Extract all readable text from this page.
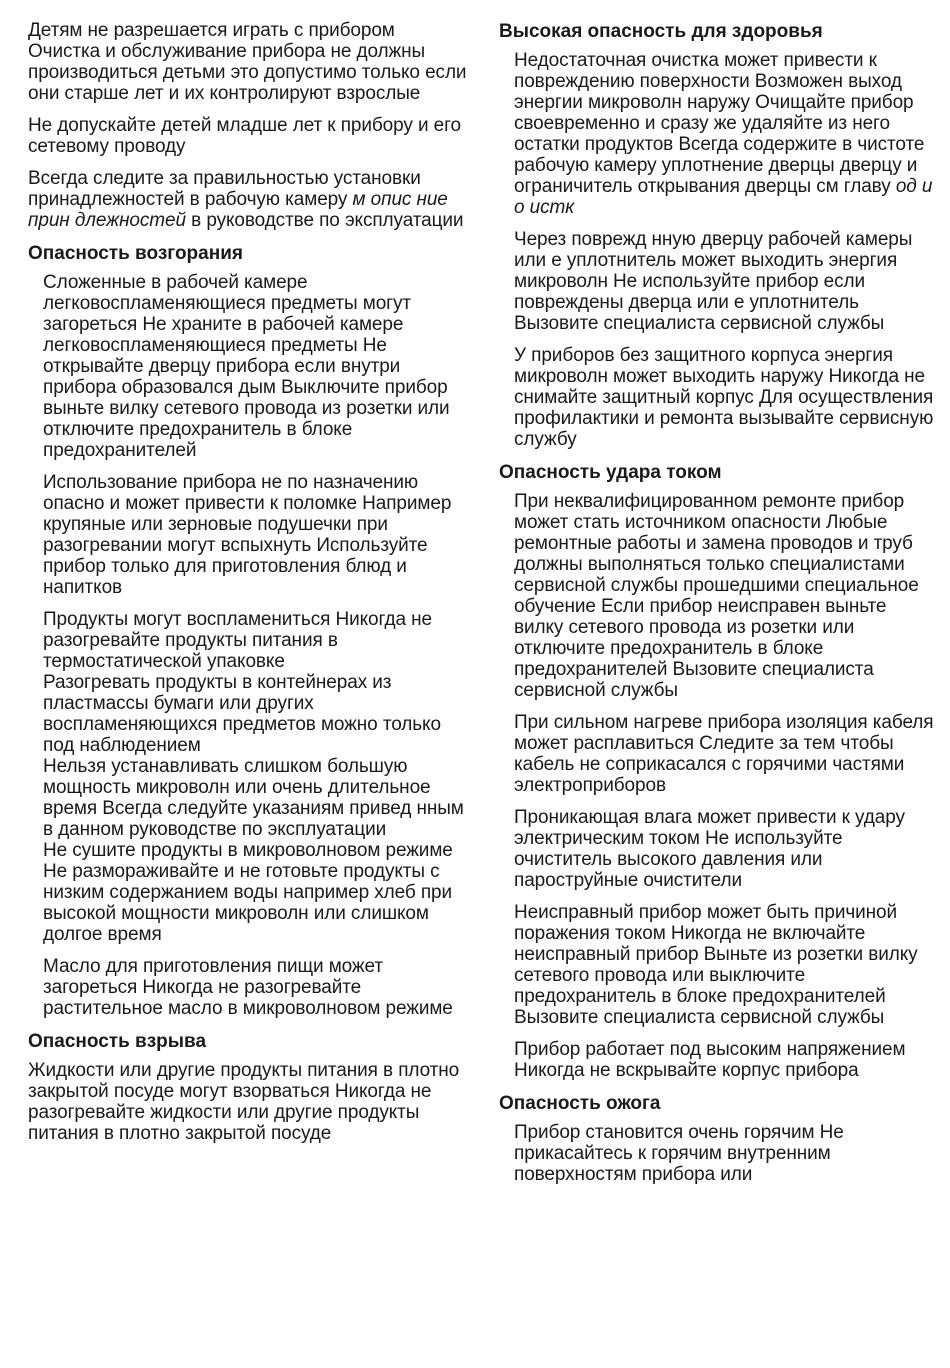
Детям не разрешается играть с прибором
Очистка и обслуживание прибора не должны производиться детьми это допустимо только если они старше лет и их контролируют взрослые

Не допускайте детей младше лет к прибору и его сетевому проводу

Всегда следите за правильностью установки принадлежностей в рабочую камеру м опис ние прин длежностей в руководстве по эксплуатации

Опасность возгорания

Сложенные в рабочей камере легковоспламеняющиеся предметы могут загореться Не храните в рабочей камере легковоспламеняющиеся предметы Не открывайте дверцу прибора если внутри прибора образовался дым Выключите прибор выньте вилку сетевого провода из розетки или отключите предохранитель в блоке предохранителей

Использование прибора не по назначению опасно и может привести к поломке Например крупяные или зерновые подушечки при разогревании могут вспыхнуть Используйте прибор только для приготовления блюд и напитков

Продукты могут воспламениться Никогда не разогревайте продукты питания в термостатической упаковке
Разогревать продукты в контейнерах из пластмассы бумаги или других воспламеняющихся предметов можно только под наблюдением
Нельзя устанавливать слишком большую мощность микроволн или очень длительное время Всегда следуйте указаниям привед нным в данном руководстве по эксплуатации
Не сушите продукты в микроволновом режиме
Не размораживайте и не готовьте продукты с низким содержанием воды например хлеб при высокой мощности микроволн или слишком долгое время

Масло для приготовления пищи может загореться Никогда не разогревайте растительное масло в микроволновом режиме

Опасность взрыва

Жидкости или другие продукты питания в плотно закрытой посуде могут взорваться Никогда не разогревайте жидкости или другие продукты питания в плотно закрытой посуде

Высокая опасность для здоровья

Недостаточная очистка может привести к повреждению поверхности Возможен выход энергии микроволн наружу Очищайте прибор своевременно и сразу же удаляйте из него остатки продуктов Всегда содержите в чистоте рабочую камеру уплотнение дверцы дверцу и ограничитель открывания дверцы см главу од и о истк

Через поврежд нную дверцу рабочей камеры или е уплотнитель может выходить энергия микроволн Не используйте прибор если повреждены дверца или е уплотнитель Вызовите специалиста сервисной службы

У приборов без защитного корпуса энергия микроволн может выходить наружу Никогда не снимайте защитный корпус Для осуществления профилактики и ремонта вызывайте сервисную службу

Опасность удара током

При неквалифицированном ремонте прибор может стать источником опасности Любые ремонтные работы и замена проводов и труб должны выполняться только специалистами сервисной службы прошедшими специальное обучение Если прибор неисправен выньте вилку сетевого провода из розетки или отключите предохранитель в блоке предохранителей Вызовите специалиста сервисной службы

При сильном нагреве прибора изоляция кабеля может расплавиться Следите за тем чтобы кабель не соприкасался с горячими частями электроприборов

Проникающая влага может привести к удару электрическим током Не используйте очиститель высокого давления или пароструйные очистители

Неисправный прибор может быть причиной поражения током Никогда не включайте неисправный прибор Выньте из розетки вилку сетевого провода или выключите предохранитель в блоке предохранителей Вызовите специалиста сервисной службы

Прибор работает под высоким напряжением Никогда не вскрывайте корпус прибора

Опасность ожога

Прибор становится очень горячим Не прикасайтесь к горячим внутренним поверхностям прибора или
